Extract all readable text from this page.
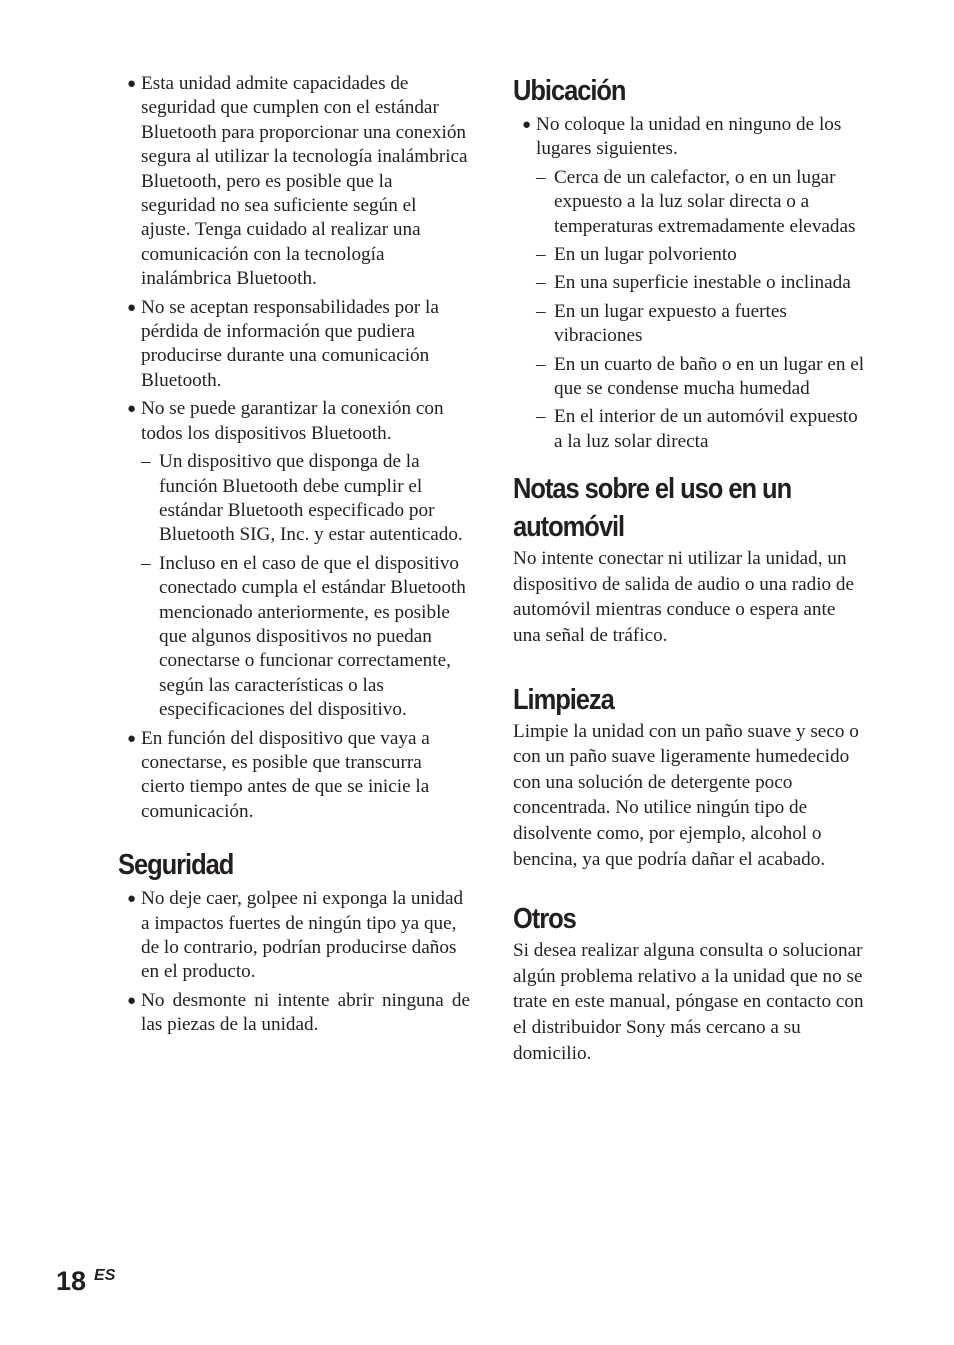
● Esta unidad admite capacidades de seguridad que cumplen con el estándar Bluetooth para proporcionar una conexión segura al utilizar la tecnología inalámbrica Bluetooth, pero es posible que la seguridad no sea suficiente según el ajuste. Tenga cuidado al realizar una comunicación con la tecnología inalámbrica Bluetooth.
● No se aceptan responsabilidades por la pérdida de información que pudiera producirse durante una comunicación Bluetooth.
● No se puede garantizar la conexión con todos los dispositivos Bluetooth.
– Un dispositivo que disponga de la función Bluetooth debe cumplir el estándar Bluetooth especificado por Bluetooth SIG, Inc. y estar autenticado.
– Incluso en el caso de que el dispositivo conectado cumpla el estándar Bluetooth mencionado anteriormente, es posible que algunos dispositivos no puedan conectarse o funcionar correctamente, según las características o las especificaciones del dispositivo.
● En función del dispositivo que vaya a conectarse, es posible que transcurra cierto tiempo antes de que se inicie la comunicación.
Seguridad
● No deje caer, golpee ni exponga la unidad a impactos fuertes de ningún tipo ya que, de lo contrario, podrían producirse daños en el producto.
● No desmonte ni intente abrir ninguna de las piezas de la unidad.
Ubicación
● No coloque la unidad en ninguno de los lugares siguientes.
– Cerca de un calefactor, o en un lugar expuesto a la luz solar directa o a temperaturas extremadamente elevadas
– En un lugar polvoriento
– En una superficie inestable o inclinada
– En un lugar expuesto a fuertes vibraciones
– En un cuarto de baño o en un lugar en el que se condense mucha humedad
– En el interior de un automóvil expuesto a la luz solar directa
Notas sobre el uso en un
automóvil

No intente conectar ni utilizar la unidad, un dispositivo de salida de audio o una radio de automóvil mientras conduce o espera ante una señal de tráfico.

Limpieza

Limpie la unidad con un paño suave y seco o con un paño suave ligeramente humedecido con una solución de detergente poco concentrada. No utilice ningún tipo de disolvente como, por ejemplo, alcohol o bencina, ya que podría dañar el acabado.

Otros

Si desea realizar alguna consulta o solucionar algún problema relativo a la unidad que no se trate en este manual, póngase en contacto con el distribuidor Sony más cercano a su domicilio.

18 ES
